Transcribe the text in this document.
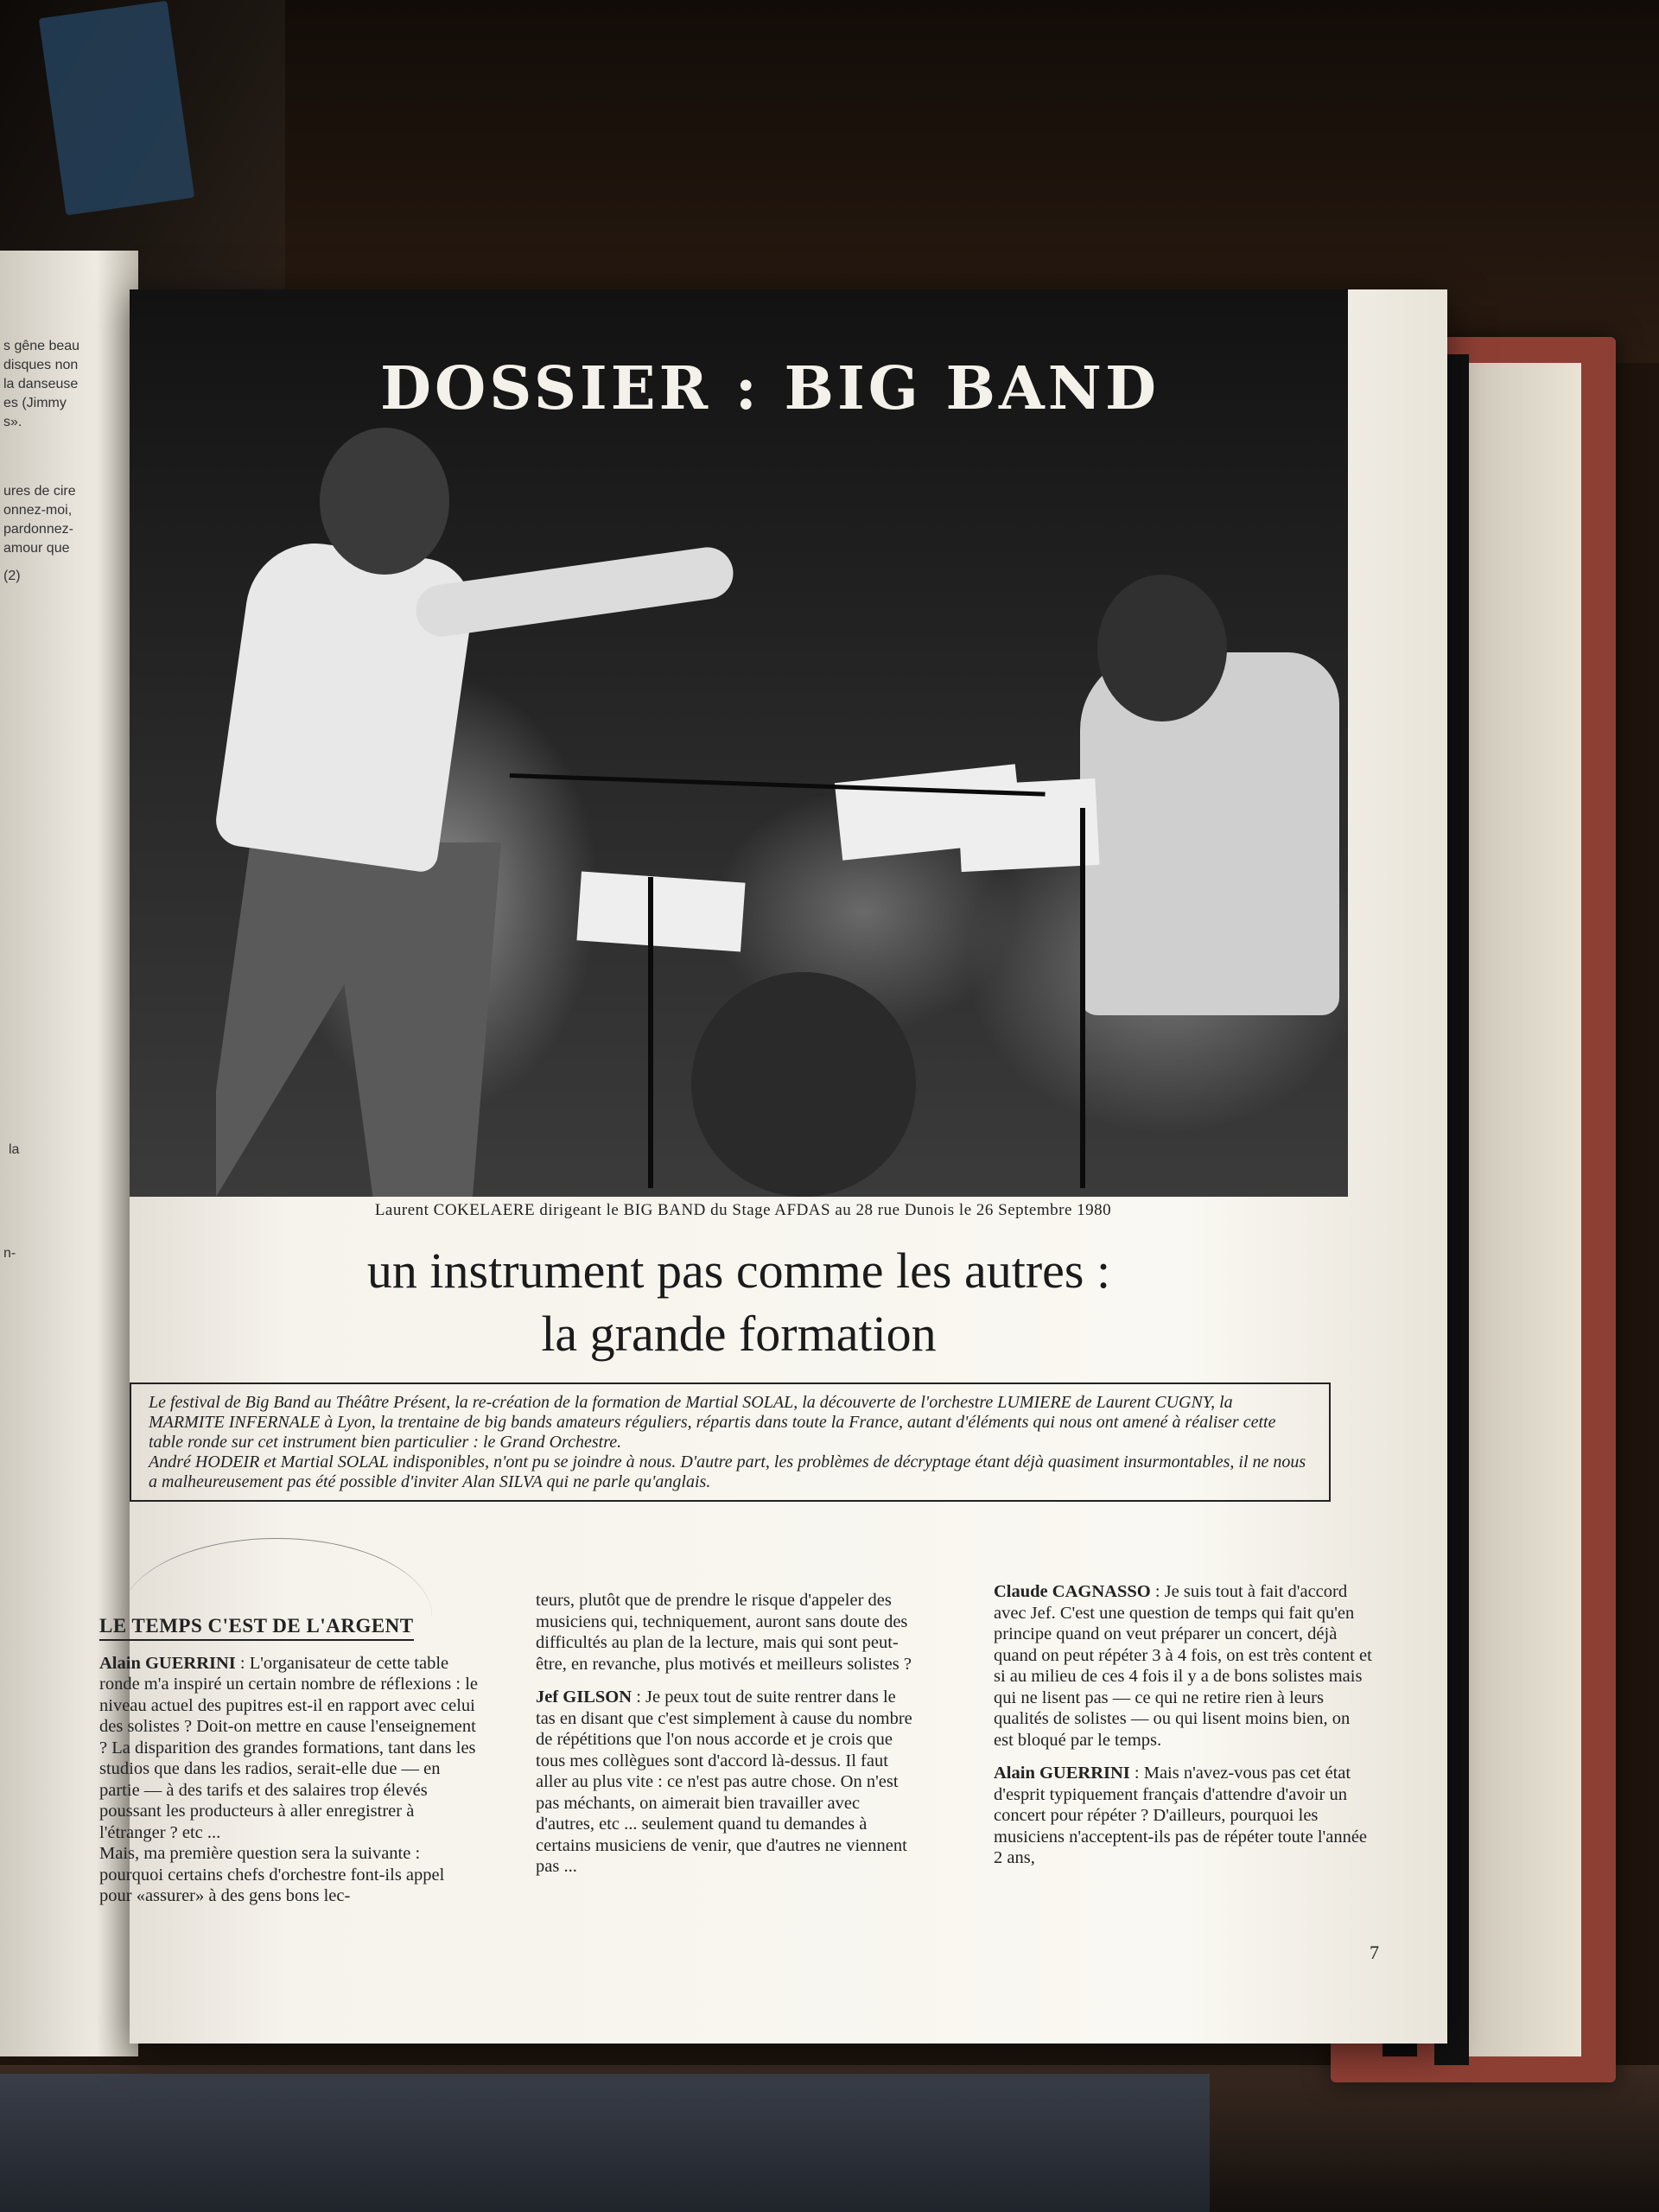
s gêne beau
disques non
la danseuse
es (Jimmy
s».
ures de cire
onnez-moi,
pardonnez-
amour que
(2)
la
n-
DOSSIER : BIG BAND
Laurent COKELAERE dirigeant le BIG BAND du Stage AFDAS au 28 rue Dunois le 26 Septembre 1980
un instrument pas comme les autres :
la grande formation

Le festival de Big Band au Théâtre Présent, la re-création de la formation de Martial SOLAL, la découverte de l'orchestre LUMIERE de Laurent CUGNY, la MARMITE INFERNALE à Lyon, la trentaine de big bands amateurs réguliers, répartis dans toute la France, autant d'éléments qui nous ont amené à réaliser cette table ronde sur cet instrument bien particulier : le Grand Orchestre.

André HODEIR et Martial SOLAL indisponibles, n'ont pu se joindre à nous. D'autre part, les problèmes de décryptage étant déjà quasiment insurmontables, il ne nous a malheureusement pas été possible d'inviter Alan SILVA qui ne parle qu'anglais.

LE TEMPS C'EST DE L'ARGENT

Alain GUERRINI : L'organisateur de cette table ronde m'a inspiré un certain nombre de réflexions : le niveau actuel des pupitres est-il en rapport avec celui des solistes ? Doit-on mettre en cause l'enseignement ? La disparition des grandes formations, tant dans les studios que dans les radios, serait-elle due — en partie — à des tarifs et des salaires trop élevés poussant les producteurs à aller enregistrer à l'étranger ? etc ...

Mais, ma première question sera la suivante : pourquoi certains chefs d'orchestre font-ils appel pour «assurer» à des gens bons lec-

teurs, plutôt que de prendre le risque d'appeler des musiciens qui, techniquement, auront sans doute des difficultés au plan de la lecture, mais qui sont peut-être, en revanche, plus motivés et meilleurs solistes ?

Jef GILSON : Je peux tout de suite rentrer dans le tas en disant que c'est simplement à cause du nombre de répétitions que l'on nous accorde et je crois que tous mes collègues sont d'accord là-dessus. Il faut aller au plus vite : ce n'est pas autre chose. On n'est pas méchants, on aimerait bien travailler avec d'autres, etc ... seulement quand tu demandes à certains musiciens de venir, que d'autres ne viennent pas ...

Claude CAGNASSO : Je suis tout à fait d'accord avec Jef. C'est une question de temps qui fait qu'en principe quand on veut préparer un concert, déjà quand on peut répéter 3 à 4 fois, on est très content et si au milieu de ces 4 fois il y a de bons solistes mais qui ne lisent pas — ce qui ne retire rien à leurs qualités de solistes — ou qui lisent moins bien, on est bloqué par le temps.

Alain GUERRINI : Mais n'avez-vous pas cet état d'esprit typiquement français d'attendre d'avoir un concert pour répéter ? D'ailleurs, pourquoi les musiciens n'acceptent-ils pas de répéter toute l'année 2 ans,

7
